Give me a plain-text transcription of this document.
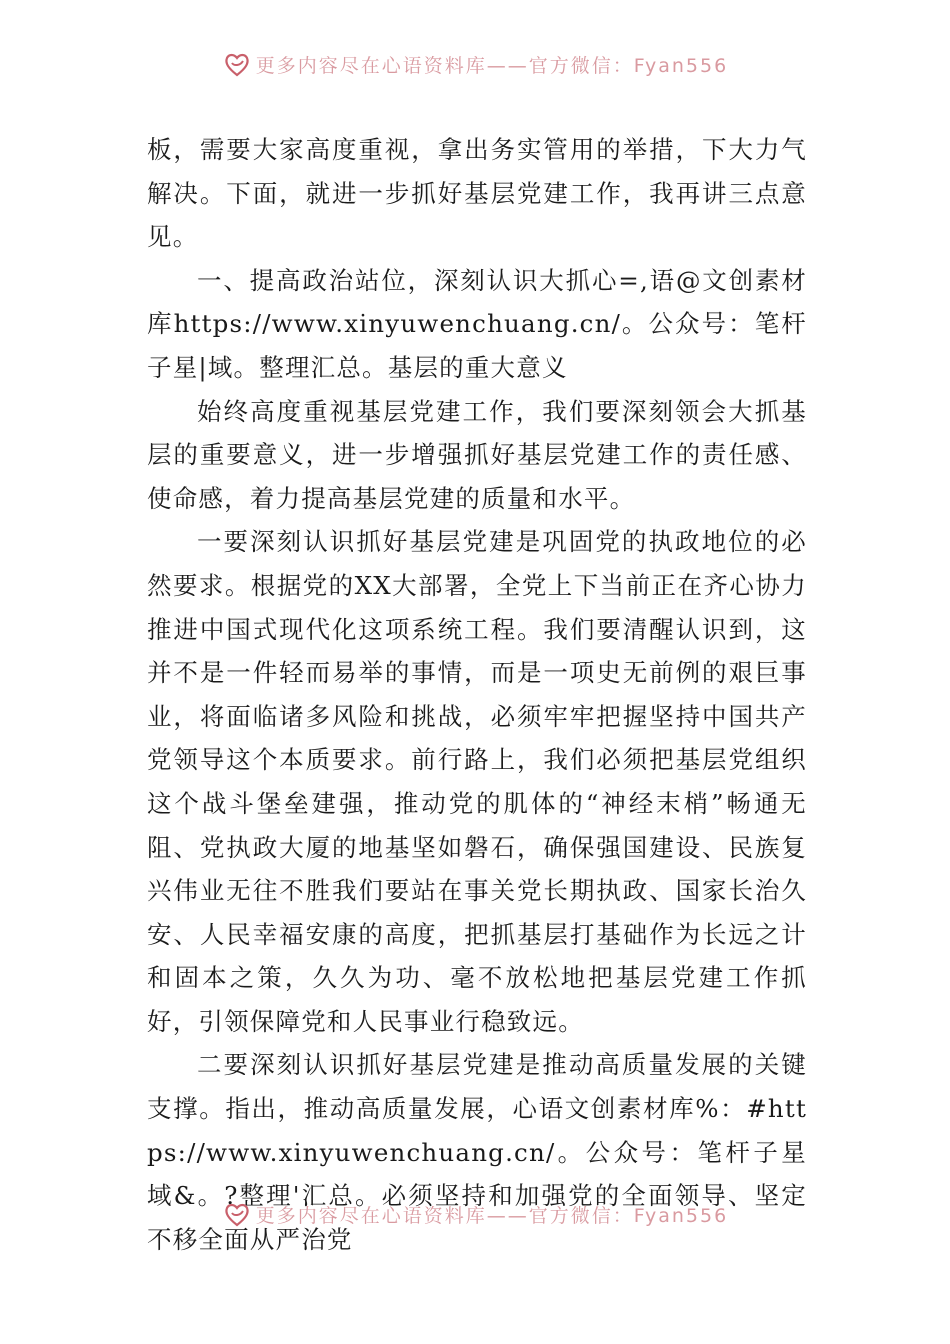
更多内容尽在心语资料库——官方微信：Fyan556

板，需要大家高度重视，拿出务实管用的举措，下大力气解决。下面，就进一步抓好基层党建工作，我再讲三点意见。

一、提高政治站位，深刻认识大抓心=,语@文创素材库https://www.xinyuwenchuang.cn/。公众号：笔杆子星|域。整理汇总。基层的重大意义

始终高度重视基层党建工作，我们要深刻领会大抓基层的重要意义，进一步增强抓好基层党建工作的责任感、使命感，着力提高基层党建的质量和水平。

一要深刻认识抓好基层党建是巩固党的执政地位的必然要求。根据党的XX大部署，全党上下当前正在齐心协力推进中国式现代化这项系统工程。我们要清醒认识到，这并不是一件轻而易举的事情，而是一项史无前例的艰巨事业，将面临诸多风险和挑战，必须牢牢把握坚持中国共产党领导这个本质要求。前行路上，我们必须把基层党组织这个战斗堡垒建强，推动党的肌体的“神经末梢”畅通无阻、党执政大厦的地基坚如磐石，确保强国建设、民族复兴伟业无往不胜我们要站在事关党长期执政、国家长治久安、人民幸福安康的高度，把抓基层打基础作为长远之计和固本之策，久久为功、毫不放松地把基层党建工作抓好，引领保障党和人民事业行稳致远。

二要深刻认识抓好基层党建是推动高质量发展的关键支撑。指出，推动高质量发展，心语文创素材库%：#https://www.xinyuwenchuang.cn/。公众号：笔杆子星域&。?整理'汇总。必须坚持和加强党的全面领导、坚定不移全面从严治党

更多内容尽在心语资料库——官方微信：Fyan556
